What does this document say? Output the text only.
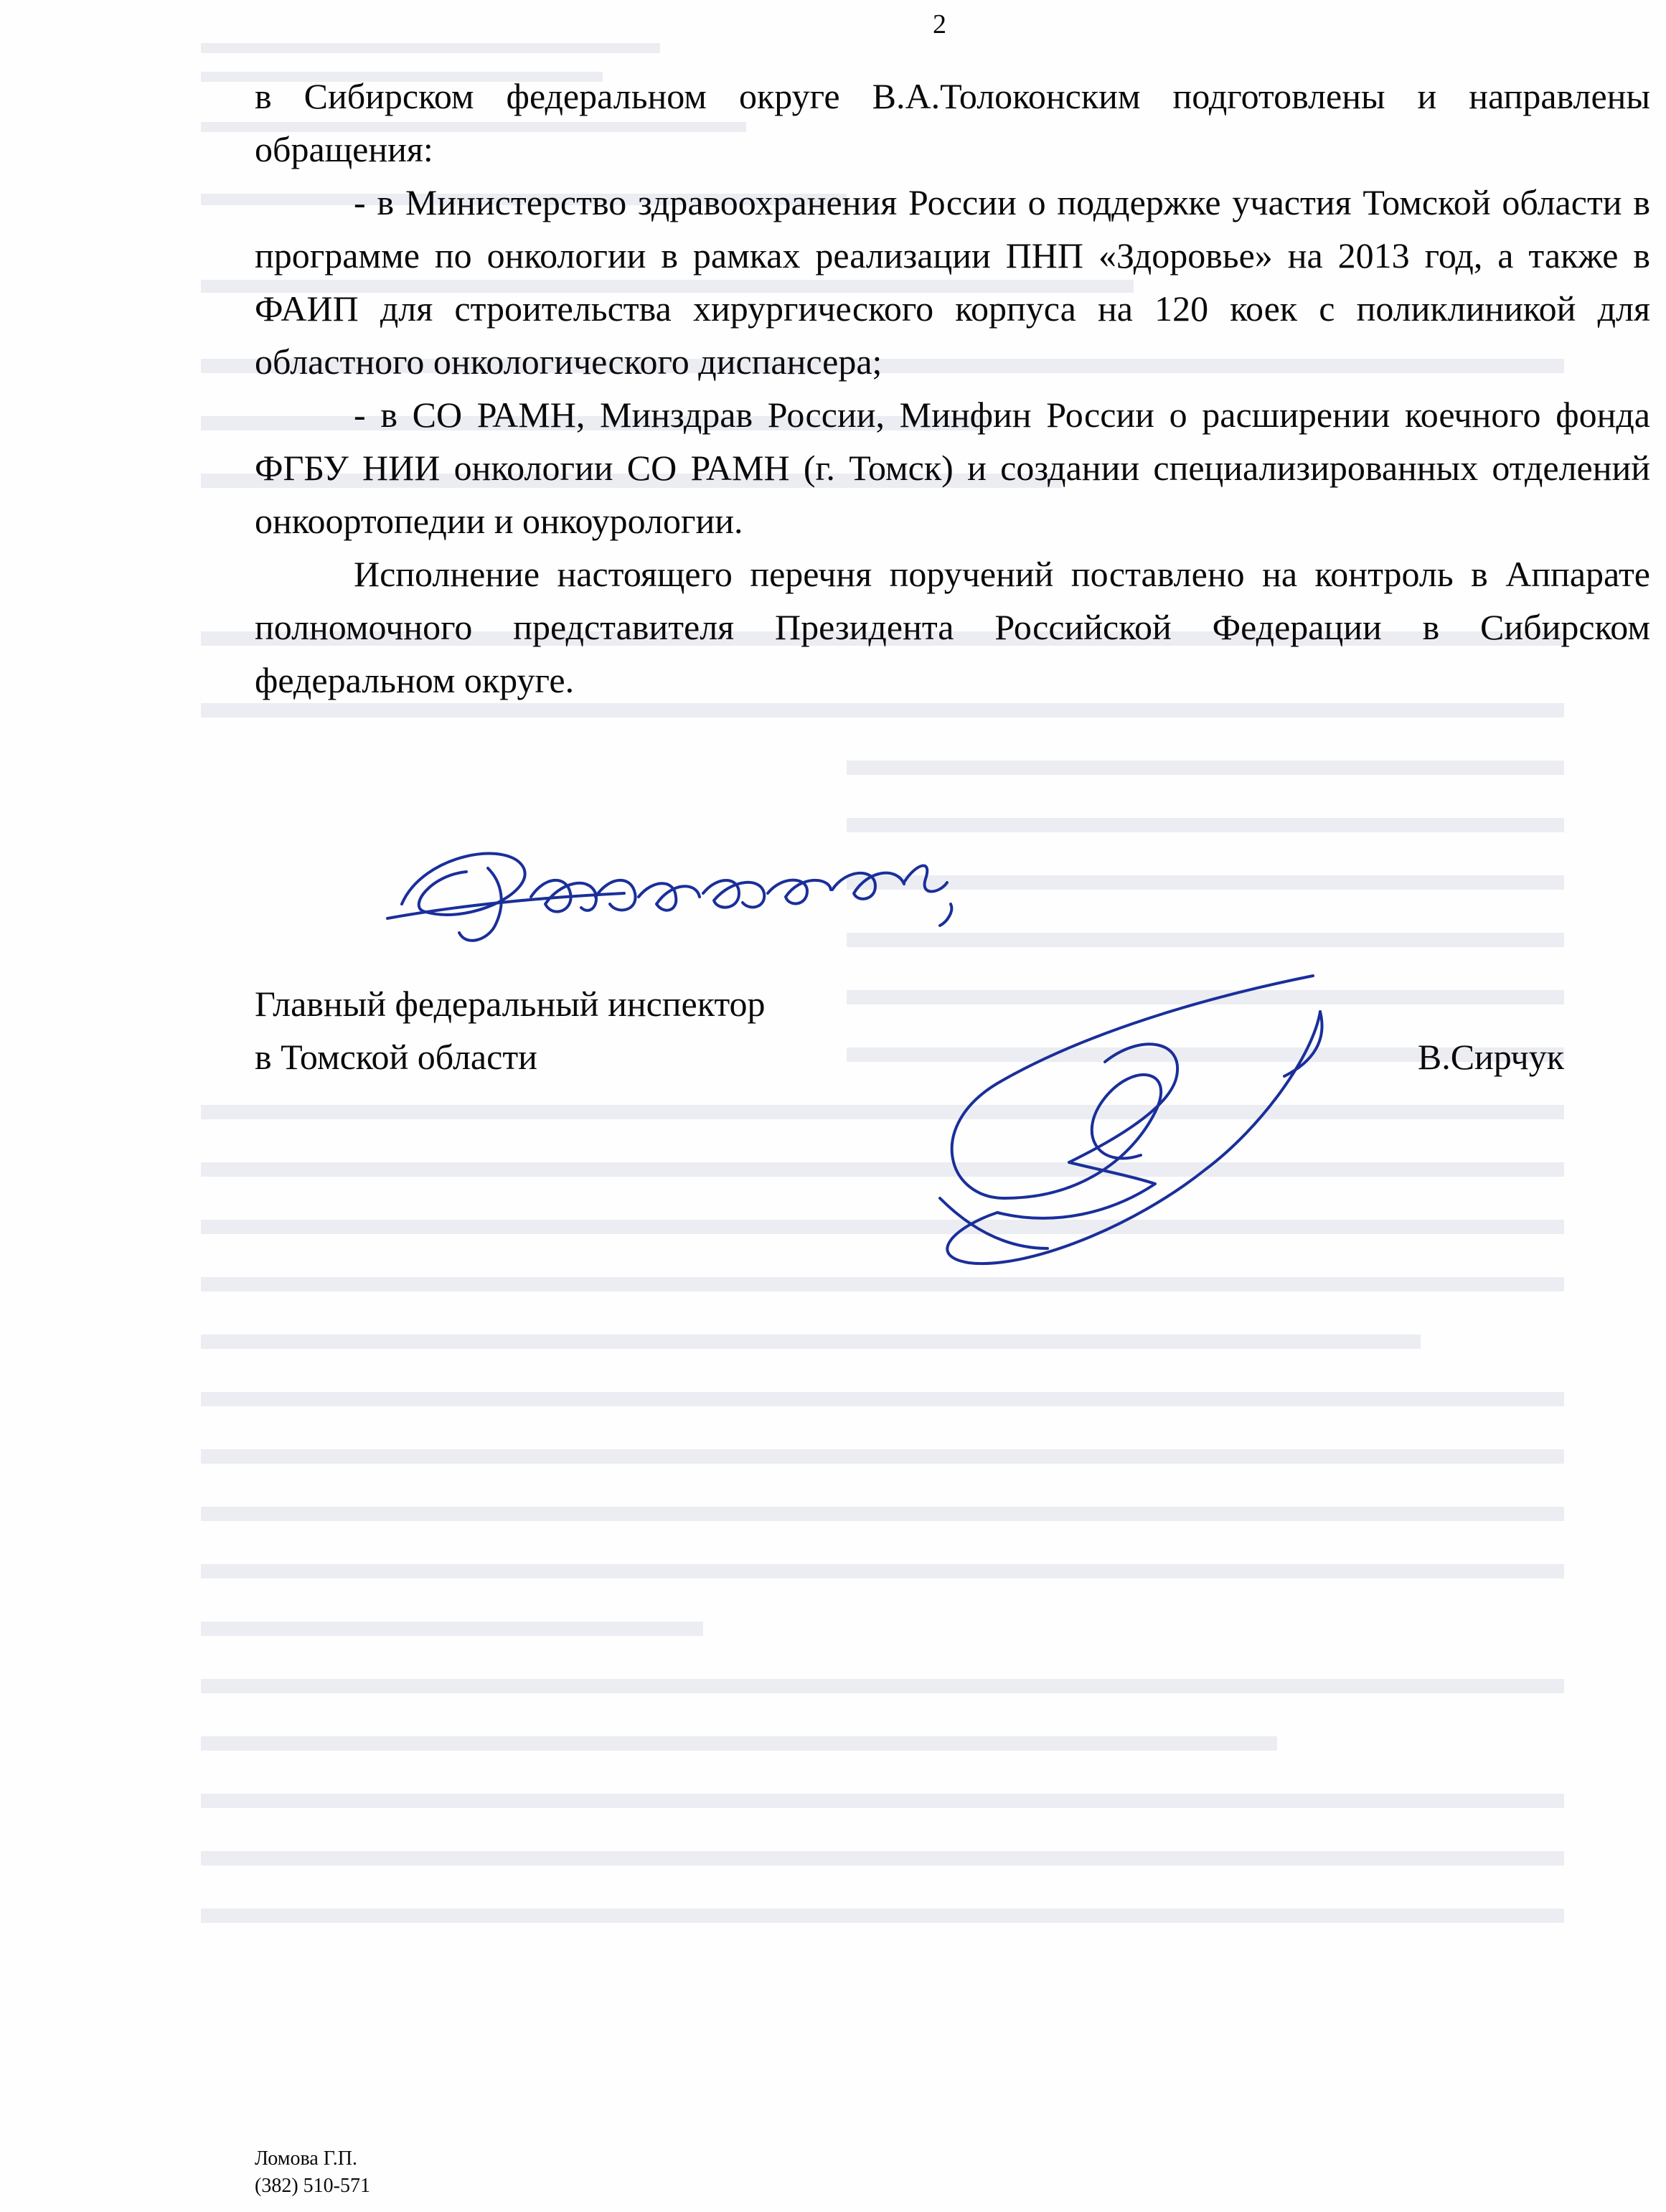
2

в Сибирском федеральном округе В.А.Толоконским подготовлены и направлены обращения:

- в Министерство здравоохранения России о поддержке участия Томской области в программе по онкологии в рамках реализации ПНП «Здоровье» на 2013 год, а также в ФАИП для строительства хирургического корпуса на 120 коек с поликлиникой для областного онкологического диспансера;

- в СО РАМН, Минздрав России, Минфин России о расширении коечного фонда ФГБУ НИИ онкологии СО РАМН (г. Томск) и создании специализированных отделений онкоортопедии и онкоурологии.

Исполнение настоящего перечня поручений поставлено на контроль в Аппарате полномочного представителя Президента Российской Федерации в Сибирском федеральном округе.

Главный федеральный инспектор
в Томской области	В.Сирчук
Ломова Г.П.
(382) 510-571
